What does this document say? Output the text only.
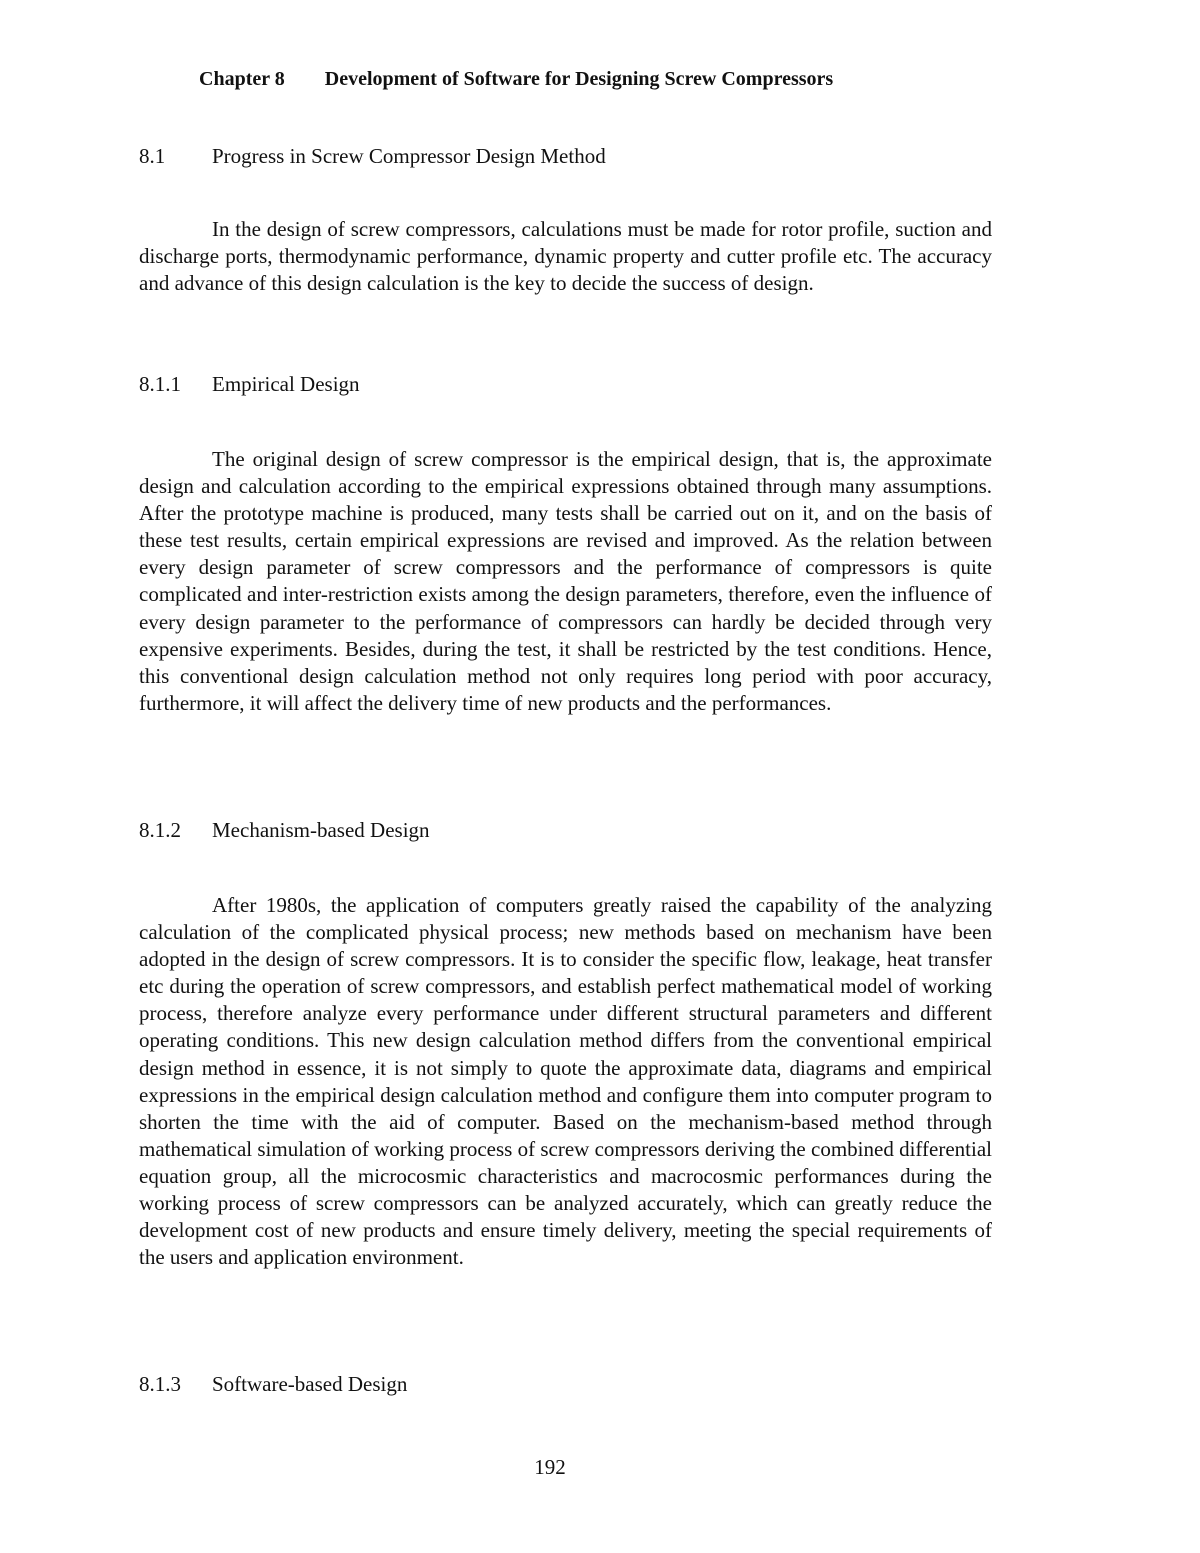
Chapter 8 Development of Software for Designing Screw Compressors
8.1 Progress in Screw Compressor Design Method

In the design of screw compressors, calculations must be made for rotor profile, suction and discharge ports, thermodynamic performance, dynamic property and cutter profile etc. The accuracy and advance of this design calculation is the key to decide the success of design.

8.1.1 Empirical Design

The original design of screw compressor is the empirical design, that is, the approximate design and calculation according to the empirical expressions obtained through many assumptions. After the prototype machine is produced, many tests shall be carried out on it, and on the basis of these test results, certain empirical expressions are revised and improved. As the relation between every design parameter of screw compressors and the performance of compressors is quite complicated and inter-restriction exists among the design parameters, therefore, even the influence of every design parameter to the performance of compressors can hardly be decided through very expensive experiments. Besides, during the test, it shall be restricted by the test conditions. Hence, this conventional design calculation method not only requires long period with poor accuracy, furthermore, it will affect the delivery time of new products and the performances.

8.1.2 Mechanism-based Design

After 1980s, the application of computers greatly raised the capability of the analyzing calculation of the complicated physical process; new methods based on mechanism have been adopted in the design of screw compressors. It is to consider the specific flow, leakage, heat transfer etc during the operation of screw compressors, and establish perfect mathematical model of working process, therefore analyze every performance under different structural parameters and different operating conditions. This new design calculation method differs from the conventional empirical design method in essence, it is not simply to quote the approximate data, diagrams and empirical expressions in the empirical design calculation method and configure them into computer program to shorten the time with the aid of computer. Based on the mechanism-based method through mathematical simulation of working process of screw compressors deriving the combined differential equation group, all the microcosmic characteristics and macrocosmic performances during the working process of screw compressors can be analyzed accurately, which can greatly reduce the development cost of new products and ensure timely delivery, meeting the special requirements of the users and application environment.

8.1.3 Software-based Design
192
